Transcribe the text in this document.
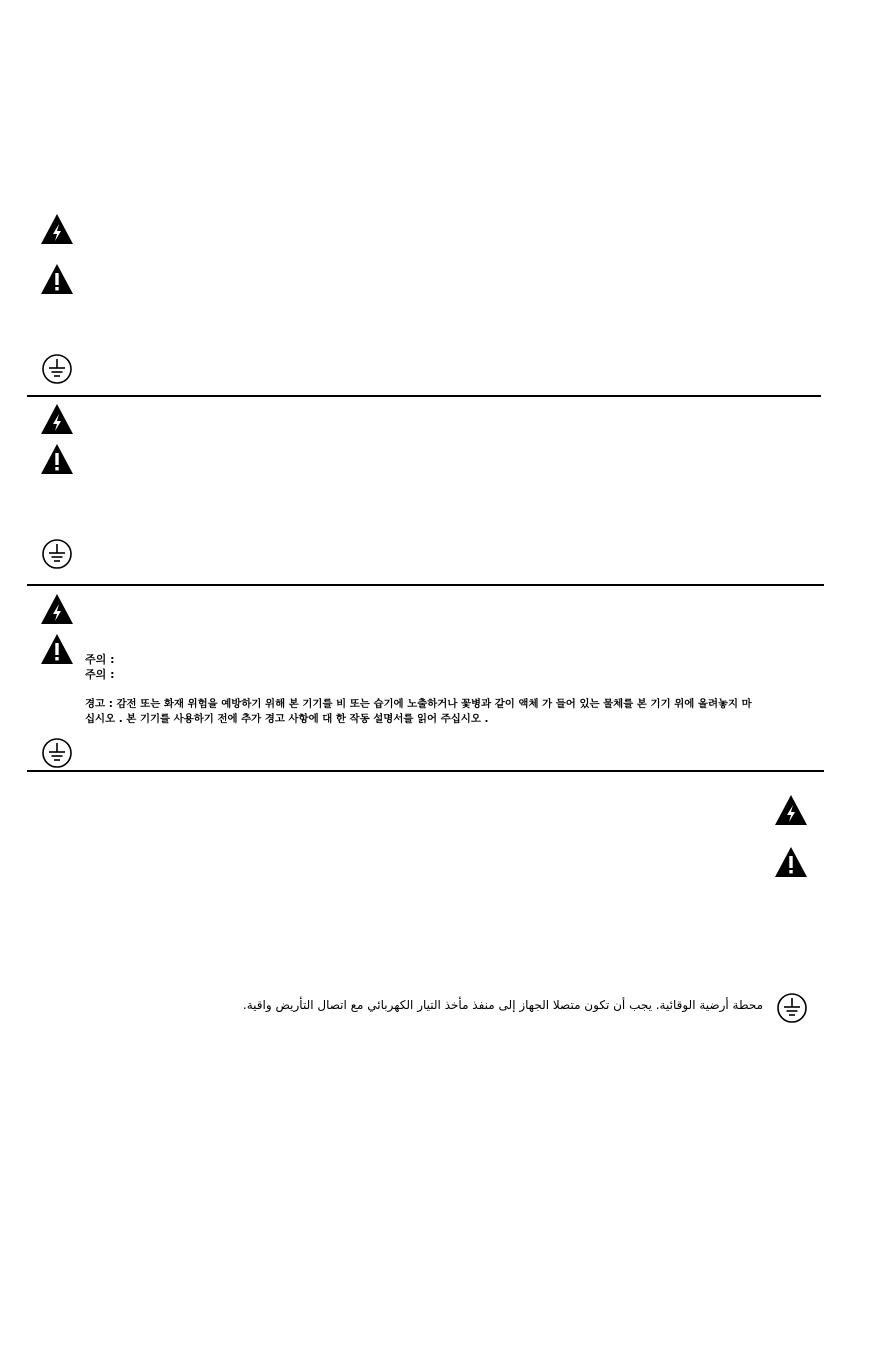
주의 :
주의 :
경고 : 감전 또는 화재 위험을 예방하기 위해 본 기기를 비 또는 습기에 노출하거나 꽃병과 같이 액체 가 들어 있는 물체를 본 기기 위에 올려놓지 마
십시오 . 본 기기를 사용하기 전에 추가 경고 사항에 대 한 작동 설명서를 읽어 주십시오 .
محطة أرضية الوقائية. يجب أن تكون متصلا الجهاز إلى منفذ مأخذ التيار الكهربائي مع اتصال التأريض واقية.
